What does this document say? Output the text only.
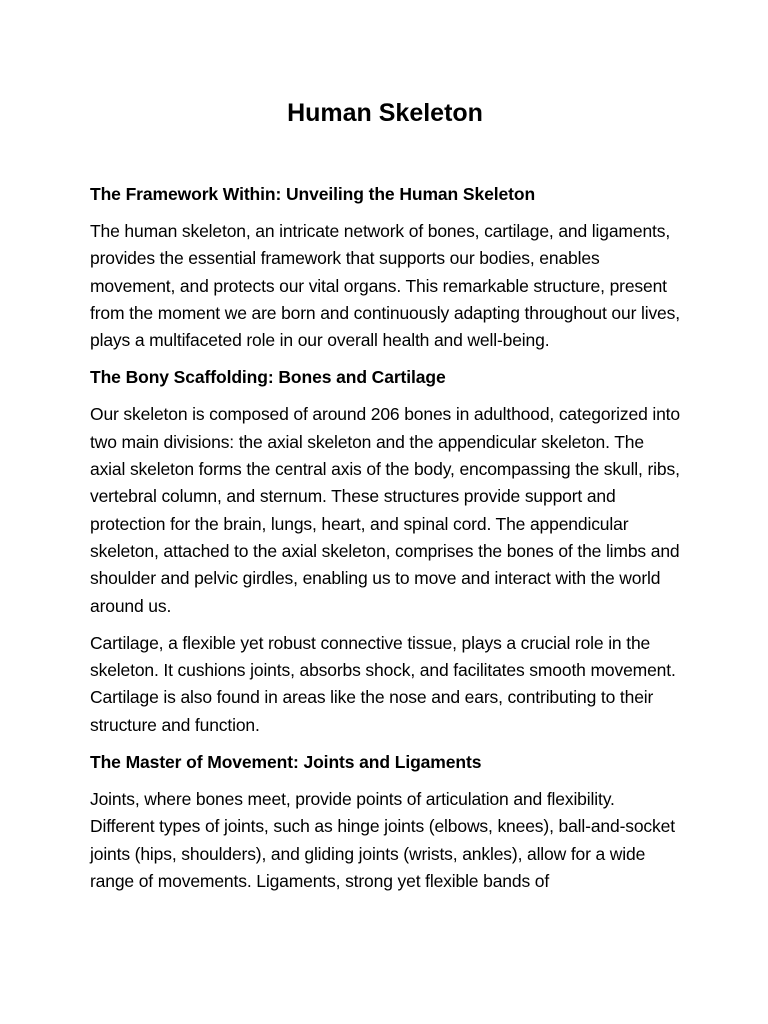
Human Skeleton
The Framework Within: Unveiling the Human Skeleton

The human skeleton, an intricate network of bones, cartilage, and ligaments, provides the essential framework that supports our bodies, enables movement, and protects our vital organs. This remarkable structure, present from the moment we are born and continuously adapting throughout our lives, plays a multifaceted role in our overall health and well-being.

The Bony Scaffolding: Bones and Cartilage

Our skeleton is composed of around 206 bones in adulthood, categorized into two main divisions: the axial skeleton and the appendicular skeleton. The axial skeleton forms the central axis of the body, encompassing the skull, ribs, vertebral column, and sternum. These structures provide support and protection for the brain, lungs, heart, and spinal cord. The appendicular skeleton, attached to the axial skeleton, comprises the bones of the limbs and shoulder and pelvic girdles, enabling us to move and interact with the world around us.

Cartilage, a flexible yet robust connective tissue, plays a crucial role in the skeleton. It cushions joints, absorbs shock, and facilitates smooth movement. Cartilage is also found in areas like the nose and ears, contributing to their structure and function.

The Master of Movement: Joints and Ligaments

Joints, where bones meet, provide points of articulation and flexibility. Different types of joints, such as hinge joints (elbows, knees), ball-and-socket joints (hips, shoulders), and gliding joints (wrists, ankles), allow for a wide range of movements. Ligaments, strong yet flexible bands of
